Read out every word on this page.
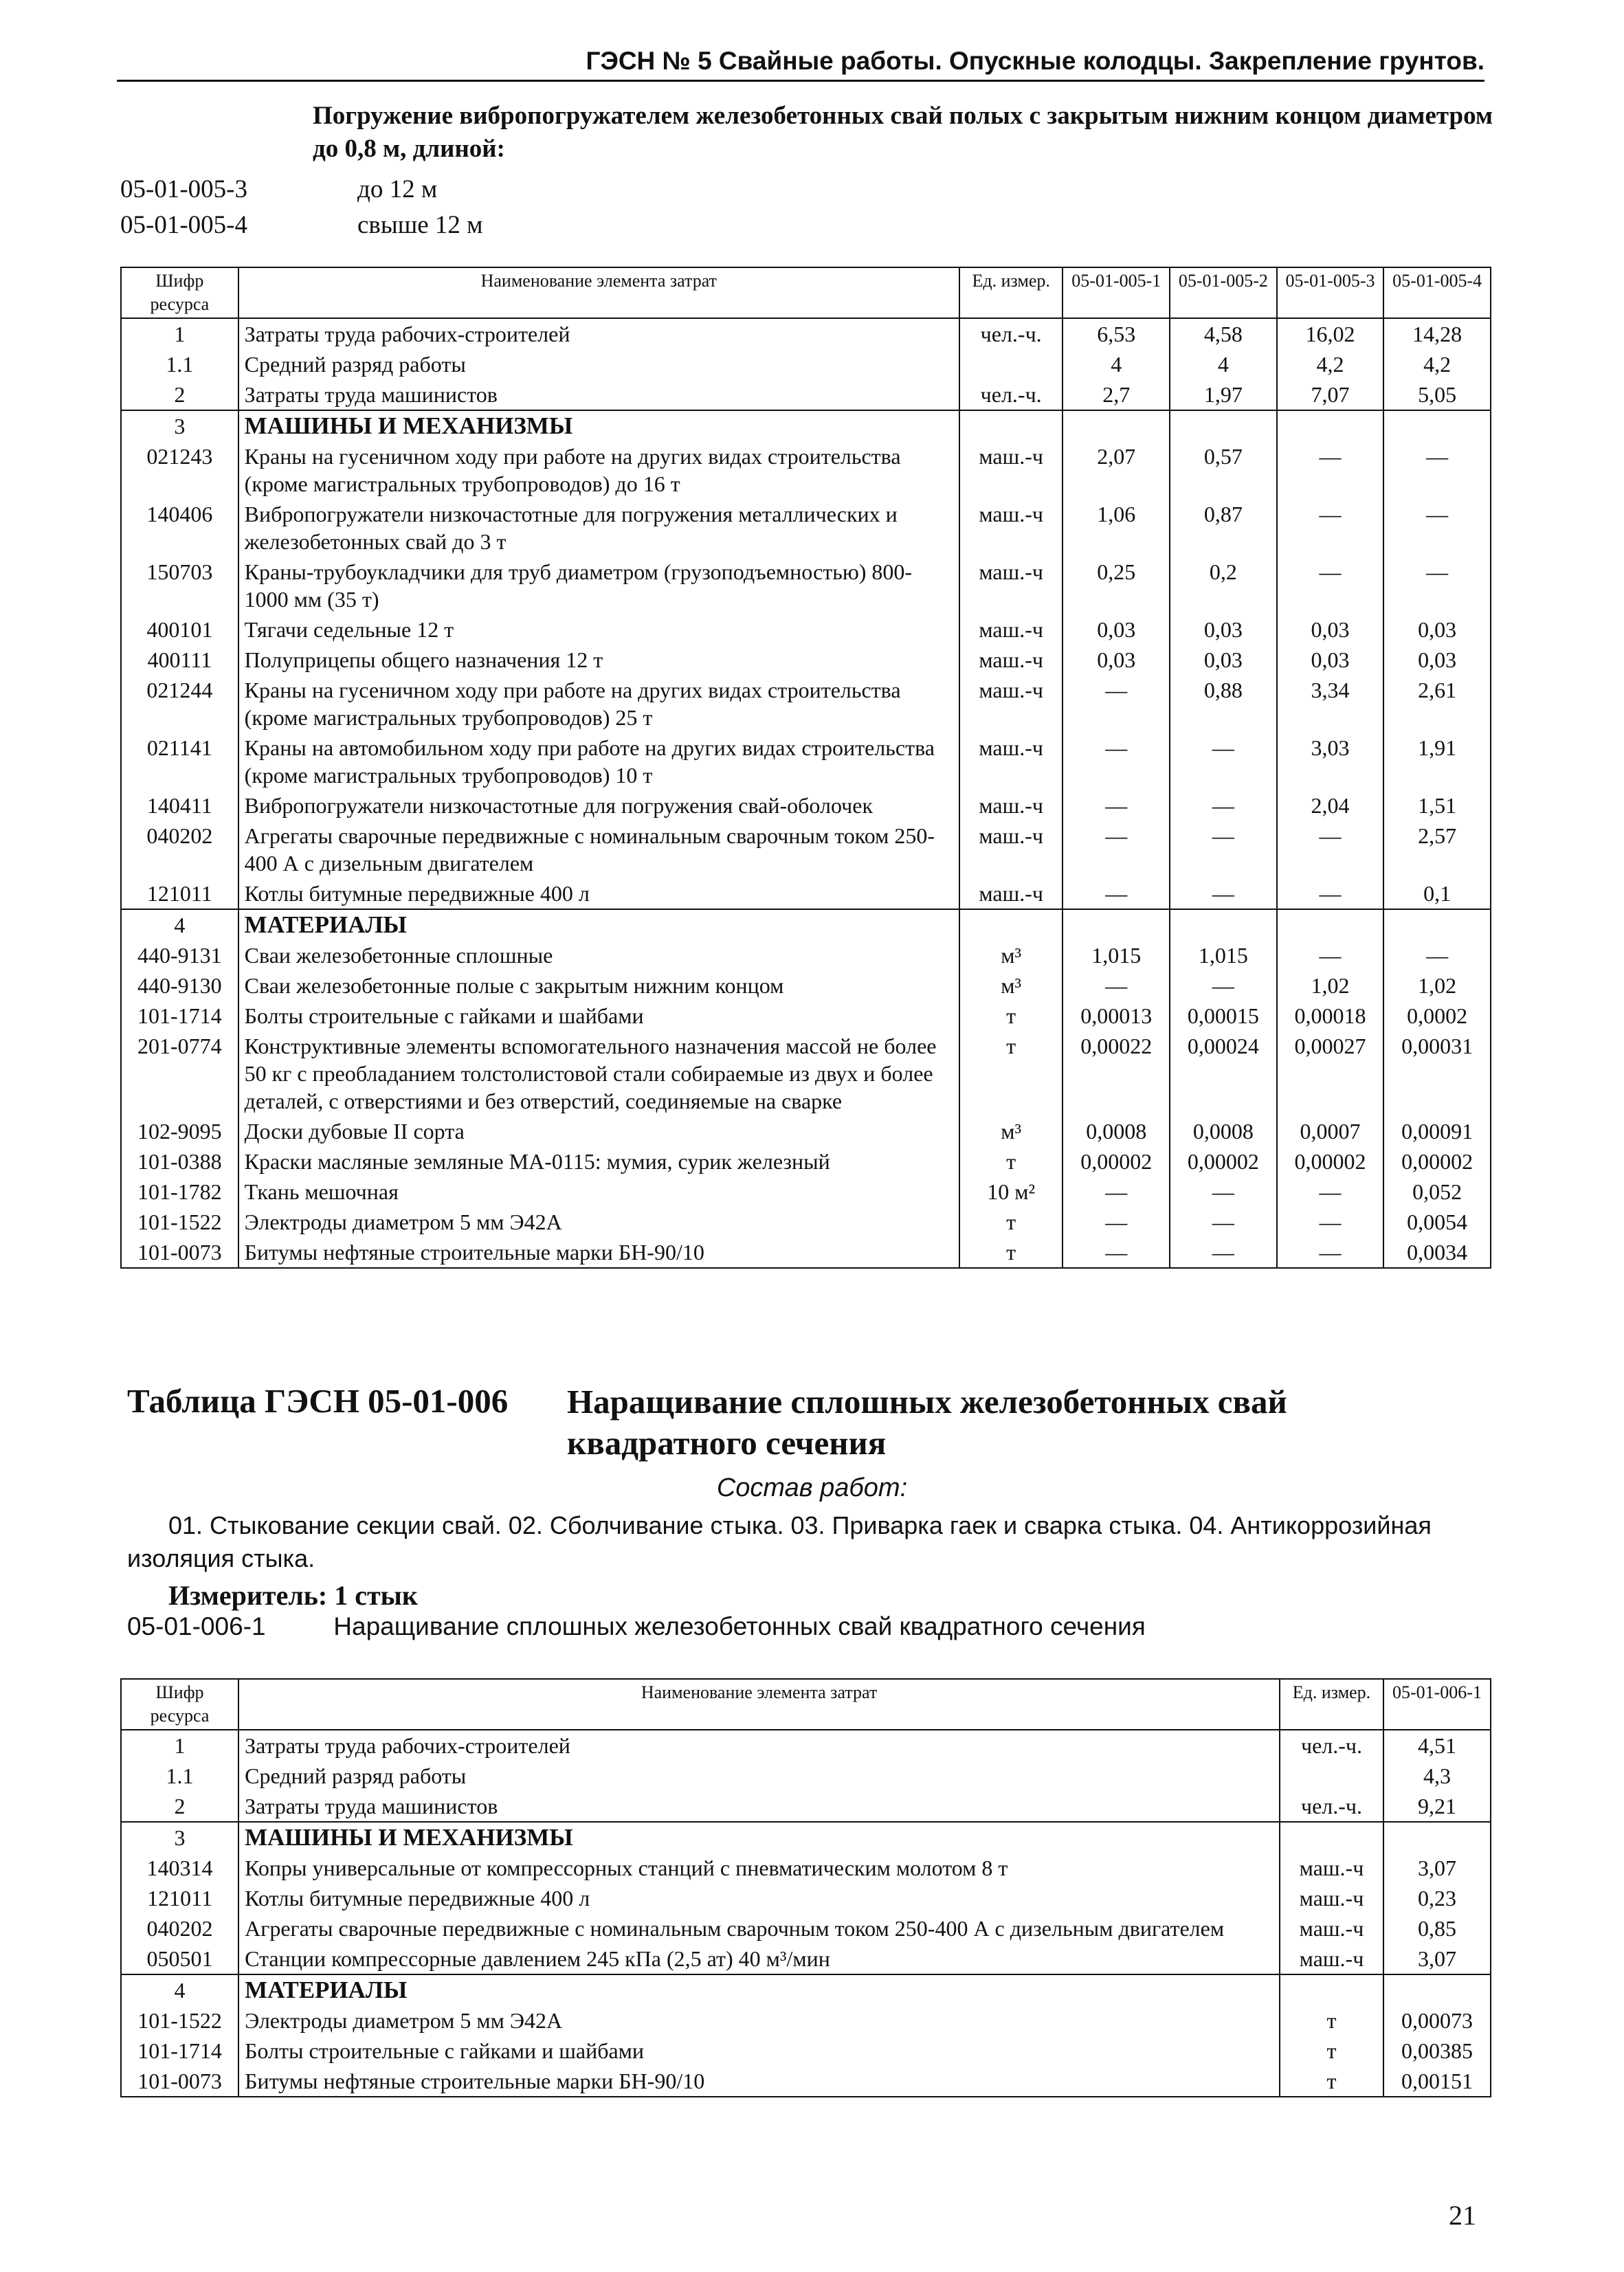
ГЭСН № 5 Свайные работы. Опускные колодцы. Закрепление грунтов.
Погружение вибропогружателем железобетонных свай полых с закрытым нижним концом диаметром до 0,8 м, длиной:
05-01-005-3	до 12 м
05-01-005-4	свыше 12 м
Шифр ресурса	Наименование элемента затрат	Ед. измер.	05-01-005-1	05-01-005-2	05-01-005-3	05-01-005-4
1	Затраты труда рабочих-строителей	чел.-ч.	6,53	4,58	16,02	14,28
1.1	Средний разряд работы		4	4	4,2	4,2
2	Затраты труда машинистов	чел.-ч.	2,7	1,97	7,07	5,05
3	МАШИНЫ И МЕХАНИЗМЫ					
021243	Краны на гусеничном ходу при работе на других видах строительства (кроме магистральных трубопроводов) до 16 т	маш.-ч	2,07	0,57	—	—
140406	Вибропогружатели низкочастотные для погружения металлических и железобетонных свай до 3 т	маш.-ч	1,06	0,87	—	—
150703	Краны-трубоукладчики для труб диаметром (грузоподъемностью) 800-1000 мм (35 т)	маш.-ч	0,25	0,2	—	—
400101	Тягачи седельные 12 т	маш.-ч	0,03	0,03	0,03	0,03
400111	Полуприцепы общего назначения 12 т	маш.-ч	0,03	0,03	0,03	0,03
021244	Краны на гусеничном ходу при работе на других видах строительства (кроме магистральных трубопроводов) 25 т	маш.-ч	—	0,88	3,34	2,61
021141	Краны на автомобильном ходу при работе на других видах строительства (кроме магистральных трубопроводов) 10 т	маш.-ч	—	—	3,03	1,91
140411	Вибропогружатели низкочастотные для погружения свай-оболочек	маш.-ч	—	—	2,04	1,51
040202	Агрегаты сварочные передвижные с номинальным сварочным током 250-400 А с дизельным двигателем	маш.-ч	—	—	—	2,57
121011	Котлы битумные передвижные 400 л	маш.-ч	—	—	—	0,1
4	МАТЕРИАЛЫ					
440-9131	Сваи железобетонные сплошные	м³	1,015	1,015	—	—
440-9130	Сваи железобетонные полые с закрытым нижним концом	м³	—	—	1,02	1,02
101-1714	Болты строительные с гайками и шайбами	т	0,00013	0,00015	0,00018	0,0002
201-0774	Конструктивные элементы вспомогательного назначения массой не более 50 кг с преобладанием толстолистовой стали собираемые из двух и более деталей, с отверстиями и без отверстий, соединяемые на сварке	т	0,00022	0,00024	0,00027	0,00031
102-9095	Доски дубовые II сорта	м³	0,0008	0,0008	0,0007	0,00091
101-0388	Краски масляные земляные МА-0115: мумия, сурик железный	т	0,00002	0,00002	0,00002	0,00002
101-1782	Ткань мешочная	10 м²	—	—	—	0,052
101-1522	Электроды диаметром 5 мм Э42А	т	—	—	—	0,0054
101-0073	Битумы нефтяные строительные марки БН-90/10	т	—	—	—	0,0034
Таблица ГЭСН 05-01-006 Наращивание сплошных железобетонных свай квадратного сечения
Состав работ:
01. Стыкование секции свай. 02. Сболчивание стыка. 03. Приварка гаек и сварка стыка. 04. Антикоррозийная изоляция стыка.
Измеритель: 1 стык
05-01-006-1	Наращивание сплошных железобетонных свай квадратного сечения
Шифр ресурса	Наименование элемента затрат	Ед. измер.	05-01-006-1
1	Затраты труда рабочих-строителей	чел.-ч.	4,51
1.1	Средний разряд работы		4,3
2	Затраты труда машинистов	чел.-ч.	9,21
3	МАШИНЫ И МЕХАНИЗМЫ		
140314	Копры универсальные от компрессорных станций с пневматическим молотом 8 т	маш.-ч	3,07
121011	Котлы битумные передвижные 400 л	маш.-ч	0,23
040202	Агрегаты сварочные передвижные с номинальным сварочным током 250-400 А с дизельным двигателем	маш.-ч	0,85
050501	Станции компрессорные давлением 245 кПа (2,5 ат) 40 м³/мин	маш.-ч	3,07
4	МАТЕРИАЛЫ		
101-1522	Электроды диаметром 5 мм Э42А	т	0,00073
101-1714	Болты строительные с гайками и шайбами	т	0,00385
101-0073	Битумы нефтяные строительные марки БН-90/10	т	0,00151
21
